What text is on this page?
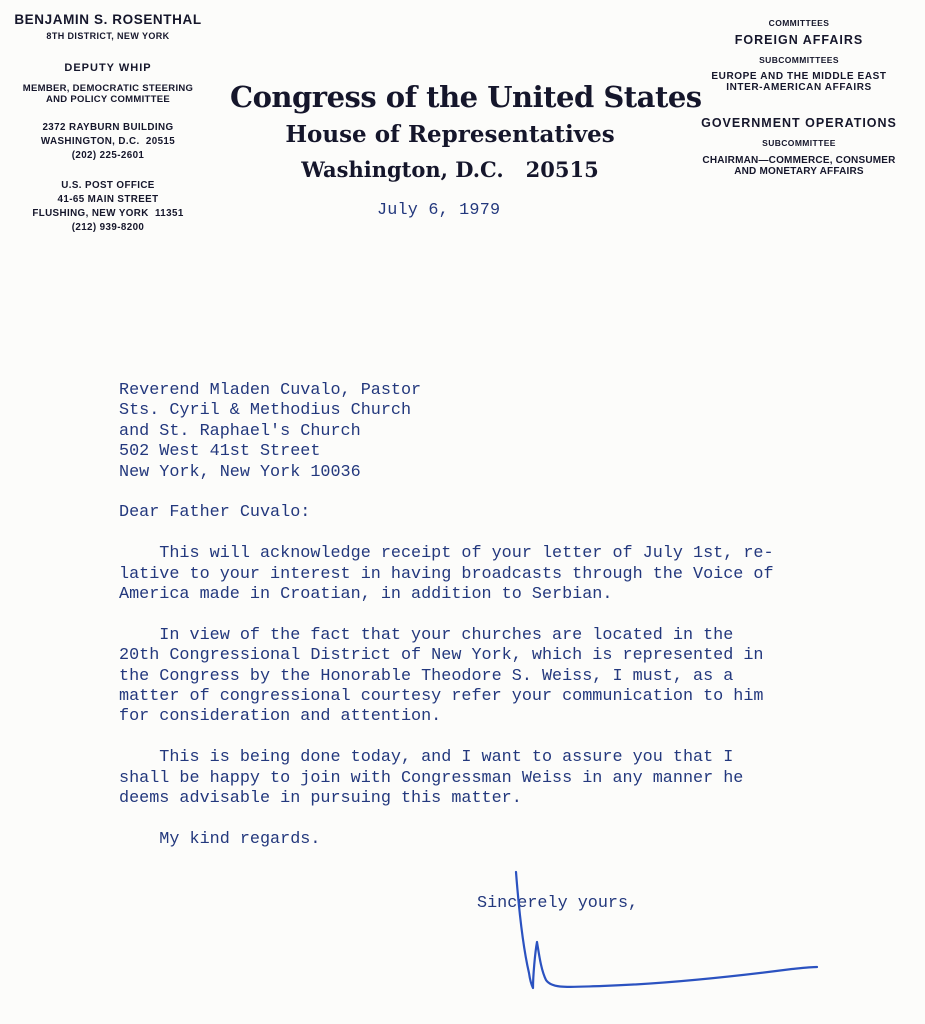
BENJAMIN S. ROSENTHAL
8TH DISTRICT, NEW YORK
DEPUTY WHIP
MEMBER, DEMOCRATIC STEERING
AND POLICY COMMITTEE
2372 RAYBURN BUILDING
WASHINGTON, D.C.  20515
(202) 225-2601
U.S. POST OFFICE
41-65 MAIN STREET
FLUSHING, NEW YORK  11351
(212) 939-8200
Congress of the United States
House of Representatives
Washington, D.C.   20515
COMMITTEES
FOREIGN AFFAIRS
SUBCOMMITTEES
EUROPE AND THE MIDDLE EAST
INTER-AMERICAN AFFAIRS
GOVERNMENT OPERATIONS
SUBCOMMITTEE
CHAIRMAN—COMMERCE, CONSUMER
AND MONETARY AFFAIRS
July 6, 1979
Reverend Mladen Cuvalo, Pastor
Sts. Cyril & Methodius Church
and St. Raphael's Church
502 West 41st Street
New York, New York 10036
Dear Father Cuvalo:
This will acknowledge receipt of your letter of July 1st, re-
lative to your interest in having broadcasts through the Voice of
America made in Croatian, in addition to Serbian.
In view of the fact that your churches are located in the
20th Congressional District of New York, which is represented in
the Congress by the Honorable Theodore S. Weiss, I must, as a
matter of congressional courtesy refer your communication to him
for consideration and attention.
This is being done today, and I want to assure you that I
shall be happy to join with Congressman Weiss in any manner he
deems advisable in pursuing this matter.
My kind regards.
Sincerely yours,
